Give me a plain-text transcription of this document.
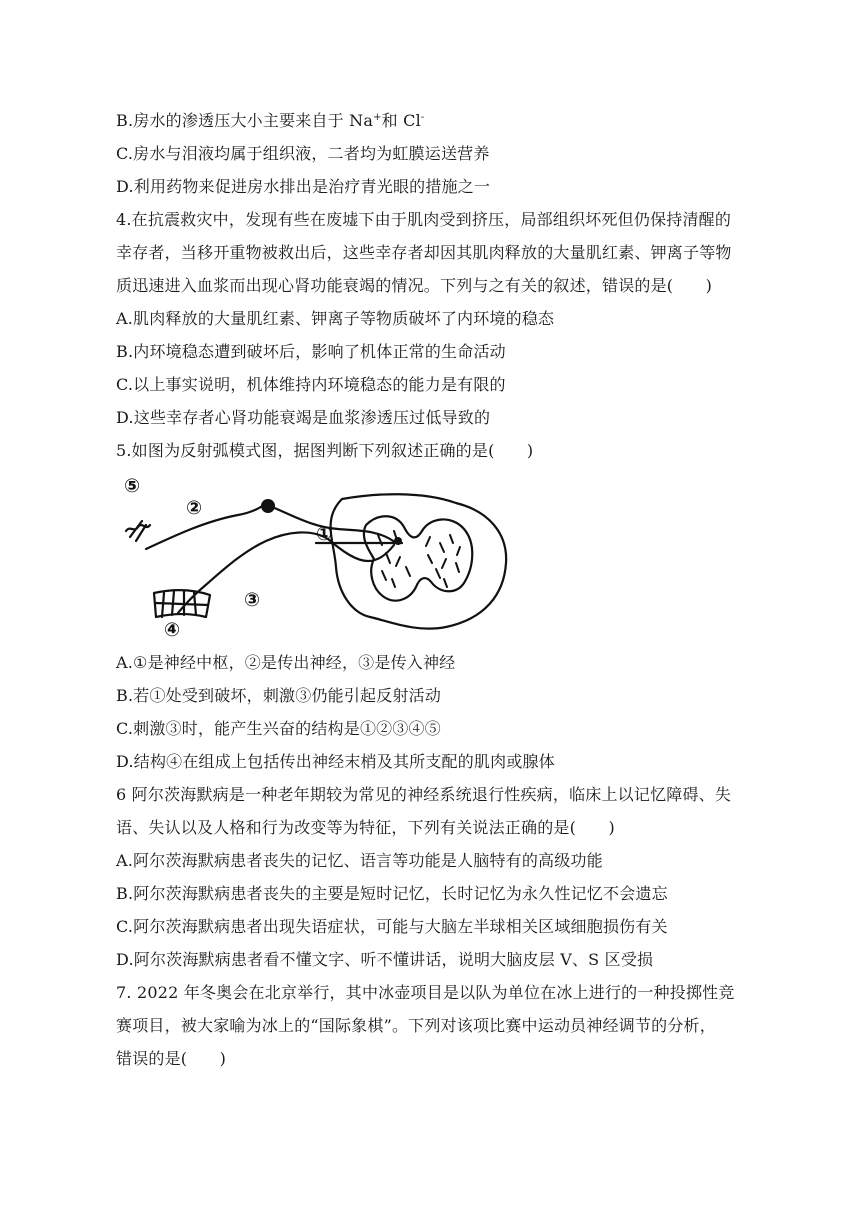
B.房水的渗透压大小主要来自于 Na+和 Cl-
C.房水与泪液均属于组织液，二者均为虹膜运送营养
D.利用药物来促进房水排出是治疗青光眼的措施之一
4.在抗震救灾中，发现有些在废墟下由于肌肉受到挤压，局部组织坏死但仍保持清醒的
幸存者，当移开重物被救出后，这些幸存者却因其肌肉释放的大量肌红素、钾离子等物
质迅速进入血浆而出现心肾功能衰竭的情况。下列与之有关的叙述，错误的是(　　)
A.肌肉释放的大量肌红素、钾离子等物质破坏了内环境的稳态
B.内环境稳态遭到破坏后，影响了机体正常的生命活动
C.以上事实说明，机体维持内环境稳态的能力是有限的
D.这些幸存者心肾功能衰竭是血浆渗透压过低导致的
5.如图为反射弧模式图，据图判断下列叙述正确的是(　　)
⑤
②
①
③
④
A.①是神经中枢，②是传出神经，③是传入神经
B.若①处受到破坏，刺激③仍能引起反射活动
C.刺激③时，能产生兴奋的结构是①②③④⑤
D.结构④在组成上包括传出神经末梢及其所支配的肌肉或腺体
6 阿尔茨海默病是一种老年期较为常见的神经系统退行性疾病，临床上以记忆障碍、失
语、失认以及人格和行为改变等为特征，下列有关说法正确的是(　　)
A.阿尔茨海默病患者丧失的记忆、语言等功能是人脑特有的高级功能
B.阿尔茨海默病患者丧失的主要是短时记忆，长时记忆为永久性记忆不会遗忘
C.阿尔茨海默病患者出现失语症状，可能与大脑左半球相关区域细胞损伤有关
D.阿尔茨海默病患者看不懂文字、听不懂讲话，说明大脑皮层 V、S 区受损
7. 2022 年冬奥会在北京举行，其中冰壶项目是以队为单位在冰上进行的一种投掷性竞
赛项目，被大家喻为冰上的“国际象棋”。下列对该项比赛中运动员神经调节的分析，
错误的是(　　)
